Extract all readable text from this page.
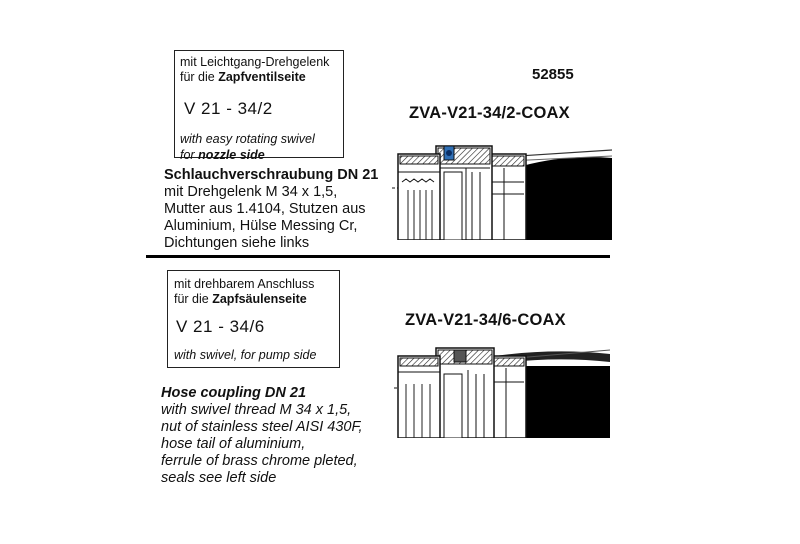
mit Leichtgang-Drehgelenk
für die Zapfventilseite
V 21 - 34/2
with easy rotating swivel
for nozzle side
52855
ZVA-V21-34/2-COAX
Schlauchverschraubung DN 21
mit Drehgelenk M 34 x 1,5,
Mutter aus 1.4104, Stutzen aus
Aluminium, Hülse Messing Cr,
Dichtungen siehe links
mit drehbarem Anschluss
für die Zapfsäulenseite
V 21 - 34/6
with swivel, for pump side
ZVA-V21-34/6-COAX
Hose coupling DN 21
with swivel thread M 34 x 1,5,
nut of stainless steel AISI 430F,
hose tail of aluminium,
ferrule of brass chrome pleted,
seals see left side
